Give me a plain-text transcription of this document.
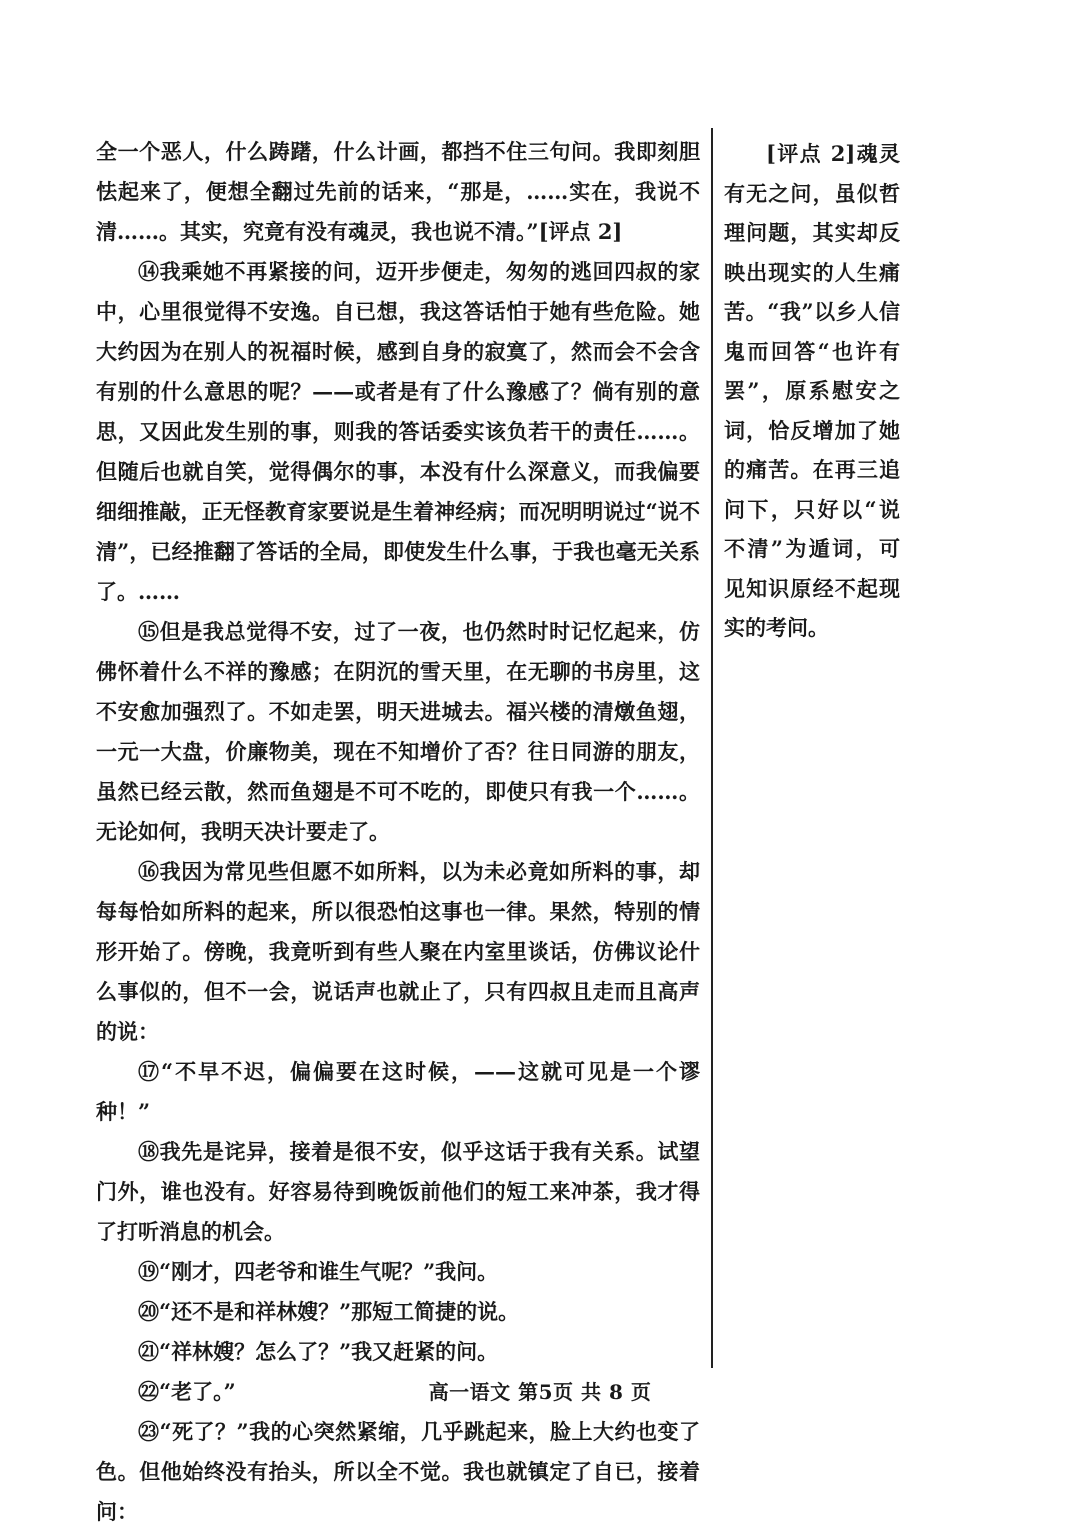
全一个恶人，什么踌躇，什么计画，都挡不住三句问。我即刻胆怯起来了，便想全翻过先前的话来，“那是，……实在，我说不清……。其实，究竟有没有魂灵，我也说不清。”[评点 2]

⑭我乘她不再紧接的问，迈开步便走，匆匆的逃回四叔的家中，心里很觉得不安逸。自已想，我这答话怕于她有些危险。她大约因为在别人的祝福时候，感到自身的寂寞了，然而会不会含有别的什么意思的呢？——或者是有了什么豫感了？倘有别的意思，又因此发生别的事，则我的答话委实该负若干的责任……。但随后也就自笑，觉得偶尔的事，本没有什么深意义，而我偏要细细推敲，正无怪教育家要说是生着神经病；而况明明说过“说不清”，已经推翻了答话的全局，即使发生什么事，于我也毫无关系了。……

⑮但是我总觉得不安，过了一夜，也仍然时时记忆起来，仿佛怀着什么不祥的豫感；在阴沉的雪天里，在无聊的书房里，这不安愈加强烈了。不如走罢，明天进城去。福兴楼的清燉鱼翅，一元一大盘，价廉物美，现在不知增价了否？往日同游的朋友，虽然已经云散，然而鱼翅是不可不吃的，即使只有我一个……。无论如何，我明天决计要走了。

⑯我因为常见些但愿不如所料，以为未必竟如所料的事，却每每恰如所料的起来，所以很恐怕这事也一律。果然，特别的情形开始了。傍晚，我竟听到有些人聚在内室里谈话，仿佛议论什么事似的，但不一会，说话声也就止了，只有四叔且走而且高声的说：

⑰“不早不迟，偏偏要在这时候，——这就可见是一个谬种！”

⑱我先是诧异，接着是很不安，似乎这话于我有关系。试望门外，谁也没有。好容易待到晚饭前他们的短工来冲茶，我才得了打听消息的机会。

⑲“刚才，四老爷和谁生气呢？”我问。

⑳“还不是和祥林嫂？”那短工简捷的说。

㉑“祥林嫂？怎么了？”我又赶紧的问。

㉒“老了。”

㉓“死了？”我的心突然紧缩，几乎跳起来，脸上大约也变了色。但他始终没有抬头，所以全不觉。我也就镇定了自已，接着问：

[评点 2]魂灵有无之问，虽似哲理问题，其实却反映出现实的人生痛苦。“我”以乡人信鬼而回答“也许有罢”，原系慰安之词，恰反增加了她的痛苦。在再三追问下，只好以“说不清”为遁词，可见知识原经不起现实的考问。
高一语文 第5页 共 8 页
